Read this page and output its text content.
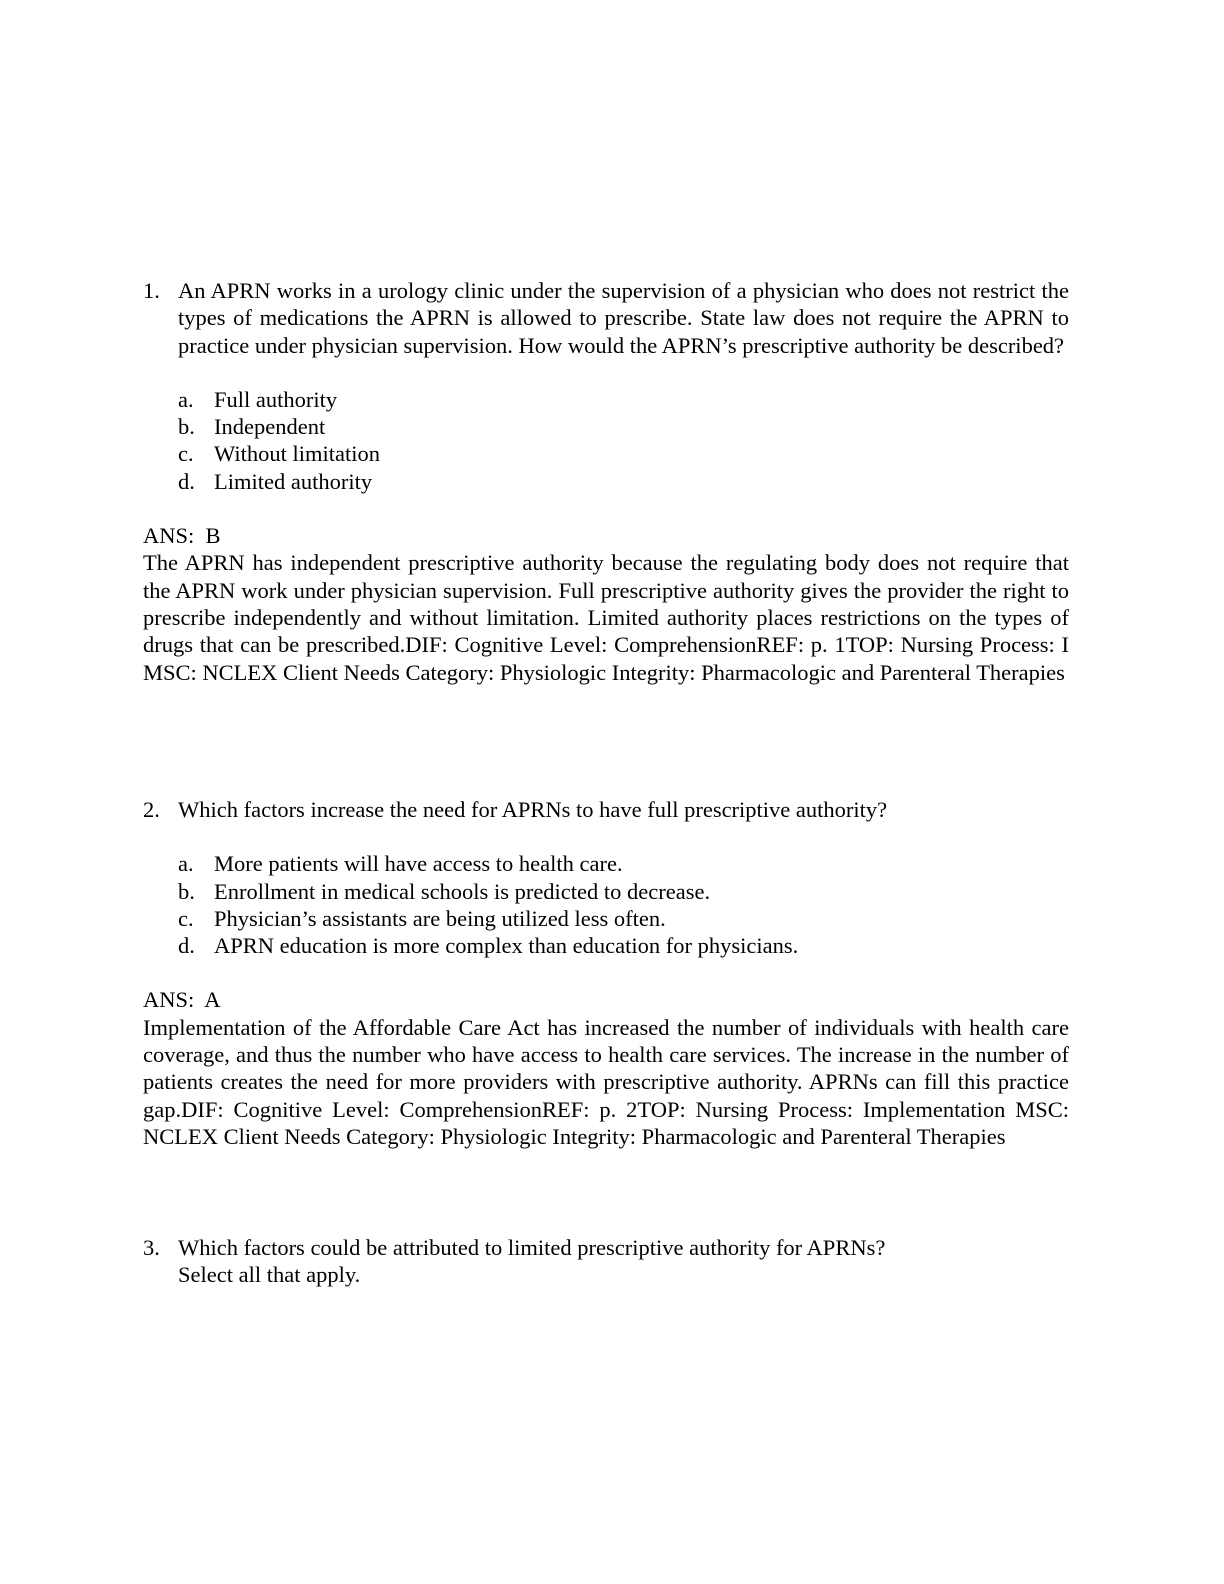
1. An APRN works in a urology clinic under the supervision of a physician who does not restrict the types of medications the APRN is allowed to prescribe. State law does not require the APRN to practice under physician supervision. How would the APRN’s prescriptive authority be described?
a. Full authority
b. Independent
c. Without limitation
d. Limited authority
ANS:  B
The APRN has independent prescriptive authority because the regulating body does not require that the APRN work under physician supervision. Full prescriptive authority gives the provider the right to prescribe independently and without limitation. Limited authority places restrictions on the types of drugs that can be prescribed.DIF: Cognitive Level: ComprehensionREF: p. 1TOP: Nursing Process: I MSC: NCLEX Client Needs Category: Physiologic Integrity: Pharmacologic and Parenteral Therapies
2. Which factors increase the need for APRNs to have full prescriptive authority?
a. More patients will have access to health care.
b. Enrollment in medical schools is predicted to decrease.
c. Physician’s assistants are being utilized less often.
d. APRN education is more complex than education for physicians.
ANS:  A
Implementation of the Affordable Care Act has increased the number of individuals with health care coverage, and thus the number who have access to health care services. The increase in the number of patients creates the need for more providers with prescriptive authority. APRNs can fill this practice gap.DIF: Cognitive Level: ComprehensionREF: p. 2TOP: Nursing Process: Implementation MSC: NCLEX Client Needs Category: Physiologic Integrity: Pharmacologic and Parenteral Therapies
3. Which factors could be attributed to limited prescriptive authority for APRNs?
Select all that apply.
